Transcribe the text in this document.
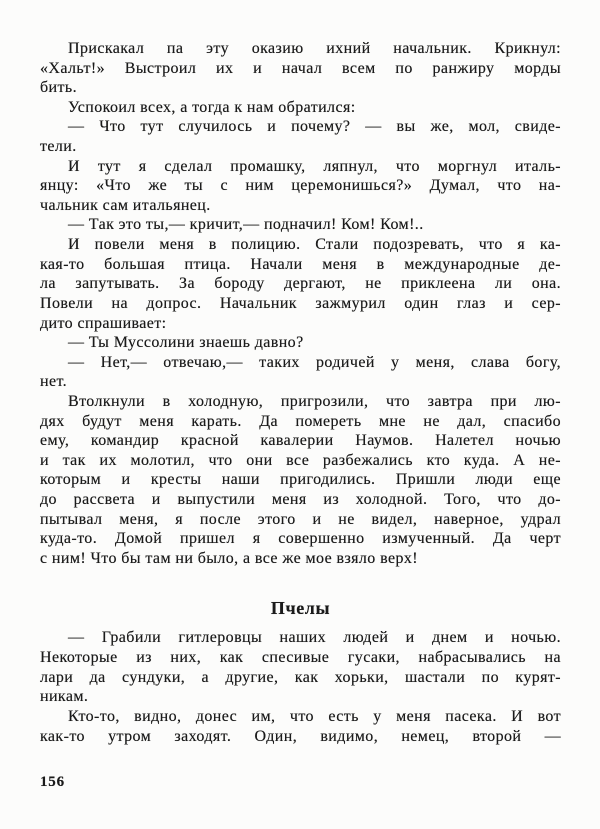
Прискакал па эту оказию ихний начальник. Крикнул:
«Хальт!» Выстроил их и начал всем по ранжиру морды
бить.
Успокоил всех, а тогда к нам обратился:
— Что тут случилось и почему? — вы же, мол, свиде-
тели.
И тут я сделал промашку, ляпнул, что моргнул италь-
янцу: «Что же ты с ним церемонишься?» Думал, что на-
чальник сам итальянец.
— Так это ты,— кричит,— подначил! Ком! Ком!..
И повели меня в полицию. Стали подозревать, что я ка-
кая-то большая птица. Начали меня в международные де-
ла запутывать. За бороду дергают, не приклеена ли она.
Повели на допрос. Начальник зажмурил один глаз и сер-
дито спрашивает:
— Ты Муссолини знаешь давно?
— Нет,— отвечаю,— таких родичей у меня, слава богу,
нет.
Втолкнули в холодную, пригрозили, что завтра при лю-
дях будут меня карать. Да помереть мне не дал, спасибо
ему, командир красной кавалерии Наумов. Налетел ночью
и так их молотил, что они все разбежались кто куда. А не-
которым и кресты наши пригодились. Пришли люди еще
до рассвета и выпустили меня из холодной. Того, что до-
пытывал меня, я после этого и не видел, наверное, удрал
куда-то. Домой пришел я совершенно измученный. Да черт
с ним! Что бы там ни было, а все же мое взяло верх!
Пчелы
— Грабили гитлеровцы наших людей и днем и ночью.
Некоторые из них, как спесивые гусаки, набрасывались на
лари да сундуки, а другие, как хорьки, шастали по курят-
никам.
Кто-то, видно, донес им, что есть у меня пасека. И вот
как-то утром заходят. Один, видимо, немец, второй —
156
